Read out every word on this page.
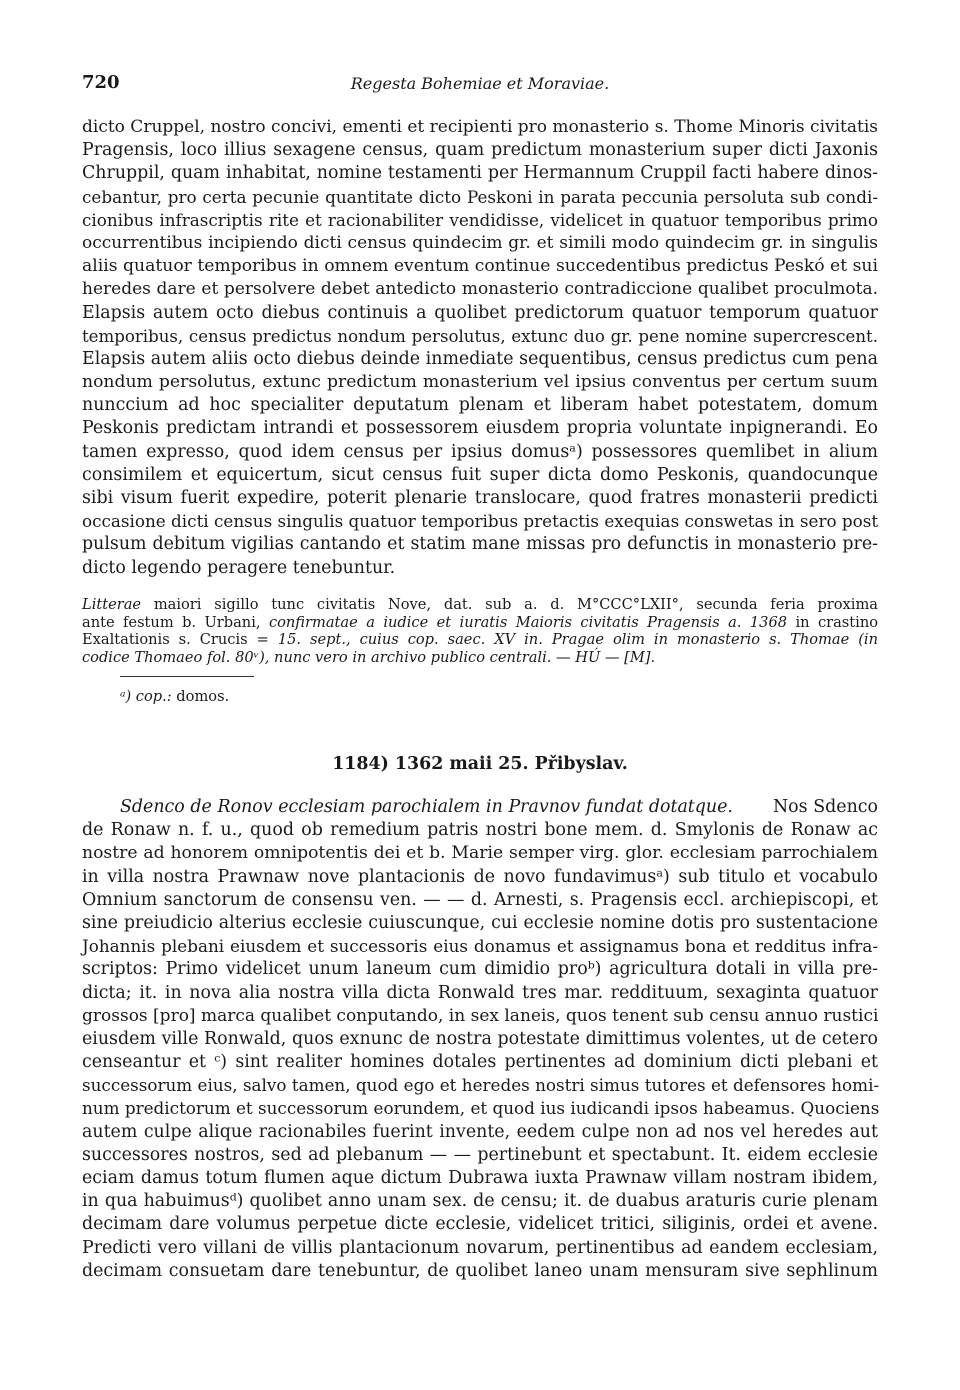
720	Regesta Bohemiae et Moraviae.
dicto Cruppel, nostro concivi, ementi et recipienti pro monasterio s. Thome Minoris civitatis
Pragensis, loco illius sexagene census, quam predictum monasterium super dicti Jaxonis
Chruppil, quam inhabitat, nomine testamenti per Hermannum Cruppil facti habere dinos-
cebantur, pro certa pecunie quantitate dicto Peskoni in parata peccunia persoluta sub condi-
cionibus infrascriptis rite et racionabiliter vendidisse, videlicet in quatuor temporibus primo
occurrentibus incipiendo dicti census quindecim gr. et simili modo quindecim gr. in singulis
aliis quatuor temporibus in omnem eventum continue succedentibus predictus Peskó et sui
heredes dare et persolvere debet antedicto monasterio contradiccione qualibet proculmota.
Elapsis autem octo diebus continuis a quolibet predictorum quatuor temporum quatuor
temporibus, census predictus nondum persolutus, extunc duo gr. pene nomine supercrescent.
Elapsis autem aliis octo diebus deinde inmediate sequentibus, census predictus cum pena
nondum persolutus, extunc predictum monasterium vel ipsius conventus per certum suum
nunccium ad hoc specialiter deputatum plenam et liberam habet potestatem, domum
Peskonis predictam intrandi et possessorem eiusdem propria voluntate inpignerandi. Eo
tamen expresso, quod idem census per ipsius domusᵃ) possessores quemlibet in alium
consimilem et equicertum, sicut census fuit super dicta domo Peskonis, quandocunque
sibi visum fuerit expedire, poterit plenarie translocare, quod fratres monasterii predicti
occasione dicti census singulis quatuor temporibus pretactis exequias conswetas in sero post
pulsum debitum vigilias cantando et statim mane missas pro defunctis in monasterio pre-
dicto legendo peragere tenebuntur.
Litterae maiori sigillo tunc civitatis Nove, dat. sub a. d. M°CCC°LXII°, secunda feria proxima
ante festum b. Urbani, confirmatae a iudice et iuratis Maioris civitatis Pragensis a. 1368 in crastino
Exaltationis s. Crucis = 15. sept., cuius cop. saec. XV in. Pragae olim in monasterio s. Thomae (in
codice Thomaeo fol. 80ᵛ), nunc vero in archivo publico centrali. — HÚ — [M].
ᵃ) cop.: domos.
1184) 1362 maii 25. Přibyslav.
Sdenco de Ronov ecclesiam parochialem in Pravnov fundat dotatque. Nos Sdenco
de Ronaw n. f. u., quod ob remedium patris nostri bone mem. d. Smylonis de Ronaw ac
nostre ad honorem omnipotentis dei et b. Marie semper virg. glor. ecclesiam parrochialem
in villa nostra Prawnaw nove plantacionis de novo fundavimusᵃ) sub titulo et vocabulo
Omnium sanctorum de consensu ven. — — d. Arnesti, s. Pragensis eccl. archiepiscopi, et
sine preiudicio alterius ecclesie cuiuscunque, cui ecclesie nomine dotis pro sustentacione
Johannis plebani eiusdem et successoris eius donamus et assignamus bona et redditus infra-
scriptos: Primo videlicet unum laneum cum dimidio proᵇ) agricultura dotali in villa pre-
dicta; it. in nova alia nostra villa dicta Ronwald tres mar. reddituum, sexaginta quatuor
grossos [pro] marca qualibet conputando, in sex laneis, quos tenent sub censu annuo rustici
eiusdem ville Ronwald, quos exnunc de nostra potestate dimittimus volentes, ut de cetero
censeantur et ᶜ) sint realiter homines dotales pertinentes ad dominium dicti plebani et
successorum eius, salvo tamen, quod ego et heredes nostri simus tutores et defensores homi-
num predictorum et successorum eorundem, et quod ius iudicandi ipsos habeamus. Quociens
autem culpe alique racionabiles fuerint invente, eedem culpe non ad nos vel heredes aut
successores nostros, sed ad plebanum — — pertinebunt et spectabunt. It. eidem ecclesie
eciam damus totum flumen aque dictum Dubrawa iuxta Prawnaw villam nostram ibidem,
in qua habuimusᵈ) quolibet anno unam sex. de censu; it. de duabus araturis curie plenam
decimam dare volumus perpetue dicte ecclesie, videlicet tritici, siliginis, ordei et avene.
Predicti vero villani de villis plantacionum novarum, pertinentibus ad eandem ecclesiam,
decimam consuetam dare tenebuntur, de quolibet laneo unam mensuram sive sephlinum
